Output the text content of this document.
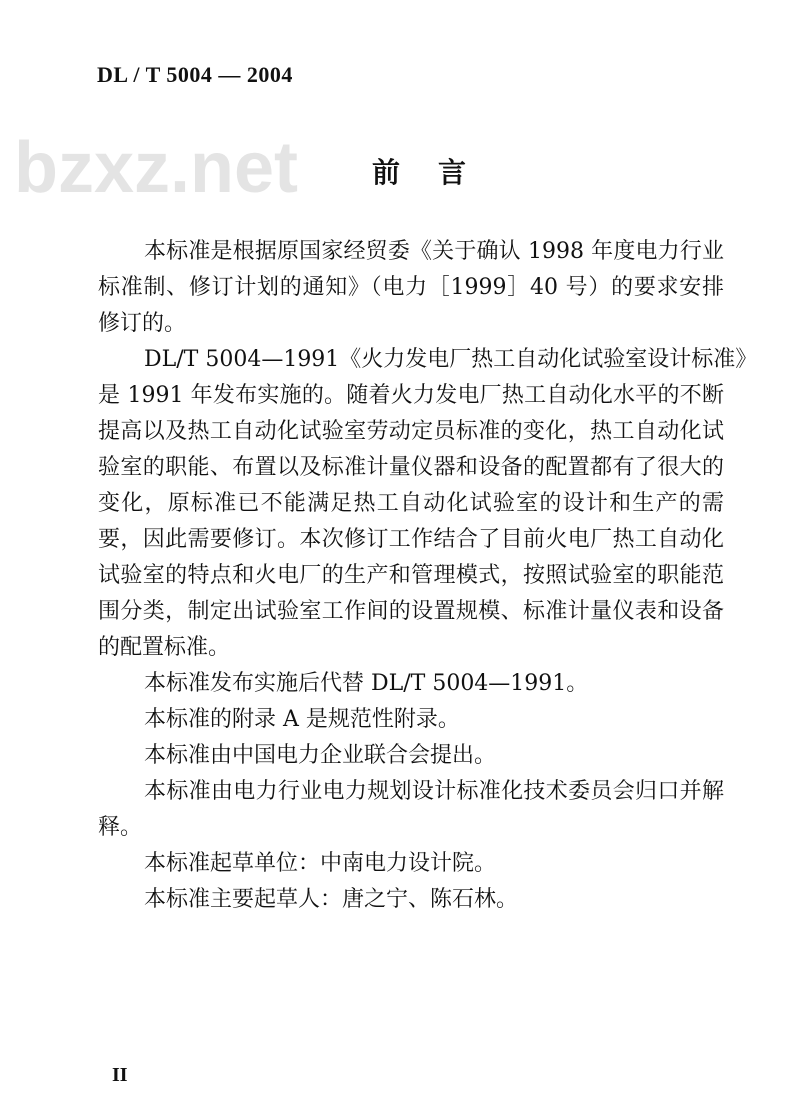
DL / T 5004 — 2004
bzxz.net	前言
本标准是根据原国家经贸委《关于确认 1998 年度电力行业
标准制、修订计划的通知》（电力［1999］40 号）的要求安排
修订的。
DL/T 5004—1991《火力发电厂热工自动化试验室设计标准》
是 1991 年发布实施的。随着火力发电厂热工自动化水平的不断
提高以及热工自动化试验室劳动定员标准的变化，热工自动化试
验室的职能、布置以及标准计量仪器和设备的配置都有了很大的
变化，原标准已不能满足热工自动化试验室的设计和生产的需
要，因此需要修订。本次修订工作结合了目前火电厂热工自动化
试验室的特点和火电厂的生产和管理模式，按照试验室的职能范
围分类，制定出试验室工作间的设置规模、标准计量仪表和设备
的配置标准。
本标准发布实施后代替 DL/T 5004—1991。
本标准的附录 A 是规范性附录。
本标准由中国电力企业联合会提出。
本标准由电力行业电力规划设计标准化技术委员会归口并解
释。
本标准起草单位：中南电力设计院。
本标准主要起草人：唐之宁、陈石林。
II
